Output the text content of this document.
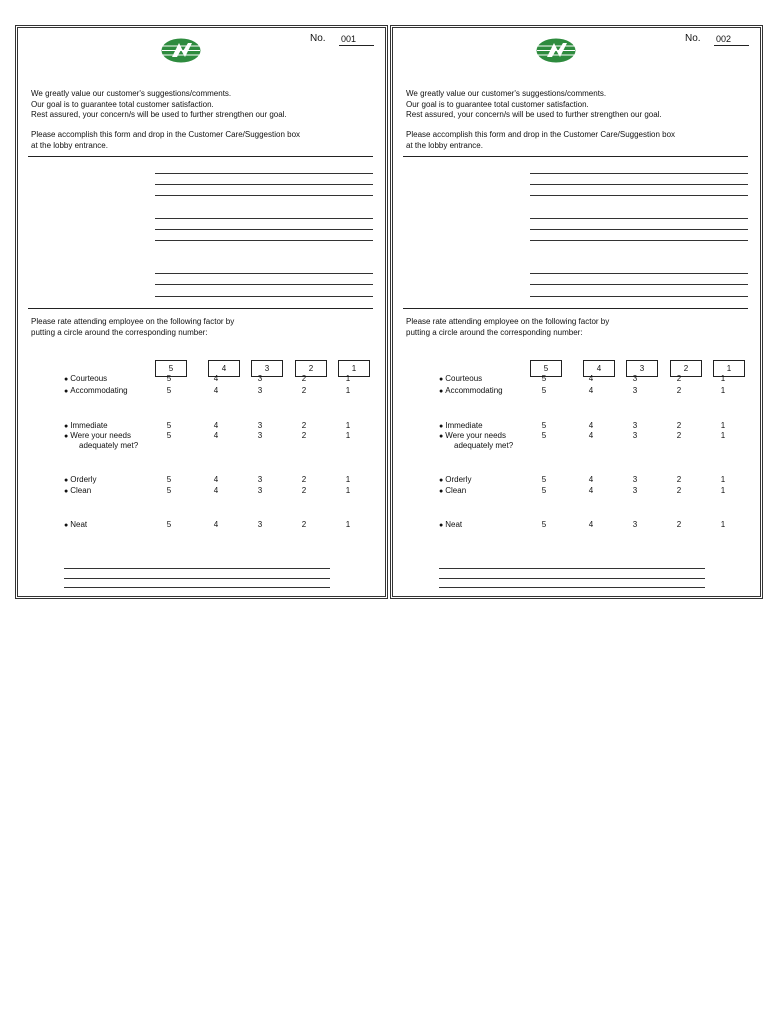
No. 001

We greatly value our customer's suggestions/comments.

Our goal is to guarantee total customer satisfaction.

Rest assured, your concern/s will be used to further strengthen our goal.

Please accomplish this form and drop in the Customer Care/Suggestion box

at the lobby entrance.

Please rate attending employee on the following factor by

putting a circle around the corresponding number:

5	4	3	2	1
● Courteous	5	4	3	2	1
● Accommodating	5	4	3	2	1
● Immediate	5	4	3	2	1
● Were your needs
adequately met?
5	4	3	2	1
● Orderly	5	4	3	2	1
● Clean	5	4	3	2	1
● Neat	5	4	3	2	1
No. 002

We greatly value our customer's suggestions/comments.

Our goal is to guarantee total customer satisfaction.

Rest assured, your concern/s will be used to further strengthen our goal.

Please accomplish this form and drop in the Customer Care/Suggestion box

at the lobby entrance.

Please rate attending employee on the following factor by

putting a circle around the corresponding number:

5	4	3	2	1
● Courteous	5	4	3	2	1
● Accommodating	5	4	3	2	1
● Immediate	5	4	3	2	1
● Were your needs
adequately met?
5	4	3	2	1
● Orderly	5	4	3	2	1
● Clean	5	4	3	2	1
● Neat	5	4	3	2	1
